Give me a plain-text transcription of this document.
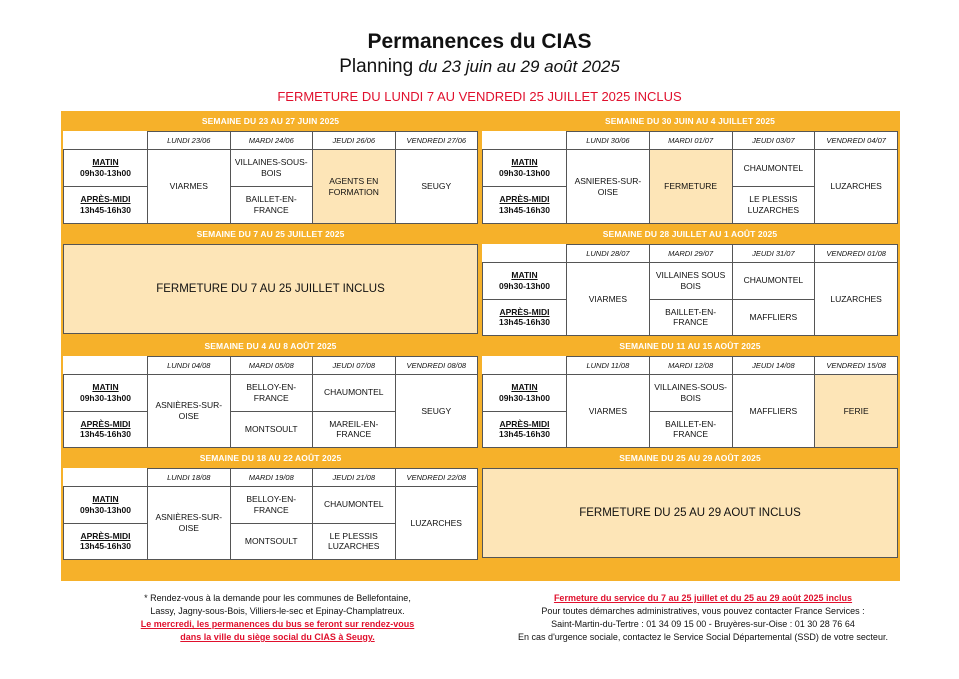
Permanences du CIAS
Planning du 23 juin au 29 août 2025
FERMETURE DU LUNDI 7 AU VENDREDI 25 JUILLET 2025 INCLUS
SEMAINE DU 23 AU 27 JUIN 2025
	LUNDI 23/06	MARDI 24/06	JEUDI 26/06	VENDREDI 27/06

MATIN
09h30-13h00	VIARMES	VILLAINES-SOUS-BOIS	AGENTS EN FORMATION	SEUGY

APRÈS-MIDI
13h45-16h30		BAILLET-EN-FRANCE		
SEMAINE DU 30 JUIN AU 4 JUILLET 2025
	LUNDI 30/06	MARDI 01/07	JEUDI 03/07	VENDREDI 04/07

MATIN
09h30-13h00	ASNIERES-SUR-OISE	FERMETURE	CHAUMONTEL	LUZARCHES

APRÈS-MIDI
13h45-16h30			LE PLESSIS LUZARCHES	
SEMAINE DU 7 AU 25 JUILLET 2025
FERMETURE DU 7 AU 25 JUILLET INCLUS
SEMAINE DU 28 JUILLET AU 1 AOÛT 2025
	LUNDI 28/07	MARDI 29/07	JEUDI 31/07	VENDREDI 01/08

MATIN
09h30-13h00	VIARMES	VILLAINES SOUS BOIS	CHAUMONTEL	LUZARCHES

APRÈS-MIDI
13h45-16h30		BAILLET-EN-FRANCE	MAFFLIERS	
SEMAINE DU 4 AU 8 AOÛT 2025
	LUNDI 04/08	MARDI 05/08	JEUDI 07/08	VENDREDI 08/08

MATIN
09h30-13h00	ASNIÈRES-SUR-OISE	BELLOY-EN-FRANCE	CHAUMONTEL	SEUGY

APRÈS-MIDI
13h45-16h30		MONTSOULT	MAREIL-EN-FRANCE	
SEMAINE DU 11 AU 15 AOÛT 2025
	LUNDI 11/08	MARDI 12/08	JEUDI 14/08	VENDREDI 15/08

MATIN
09h30-13h00	VIARMES	VILLAINES-SOUS-BOIS	MAFFLIERS	FERIE

APRÈS-MIDI
13h45-16h30		BAILLET-EN-FRANCE		
SEMAINE DU 18 AU 22 AOÛT 2025
	LUNDI 18/08	MARDI 19/08	JEUDI 21/08	VENDREDI 22/08

MATIN
09h30-13h00	ASNIÈRES-SUR-OISE	BELLOY-EN-FRANCE	CHAUMONTEL	LUZARCHES

APRÈS-MIDI
13h45-16h30		MONTSOULT	LE PLESSIS LUZARCHES	
SEMAINE DU 25 AU 29 AOÛT 2025
FERMETURE DU 25 AU 29 AOUT INCLUS
* Rendez-vous à la demande pour les communes de Bellefontaine,
Lassy, Jagny-sous-Bois, Villiers-le-sec et Epinay-Champlatreux.
Le mercredi, les permanences du bus se feront sur rendez-vous
dans la ville du siège social du CIAS à Seugy.
Fermeture du service du 7 au 25 juillet et du 25 au 29 août 2025 inclus
Pour toutes démarches administratives, vous pouvez contacter France Services :
Saint-Martin-du-Tertre : 01 34 09 15 00 - Bruyères-sur-Oise : 01 30 28 76 64
En cas d'urgence sociale, contactez le Service Social Départemental (SSD) de votre secteur.
